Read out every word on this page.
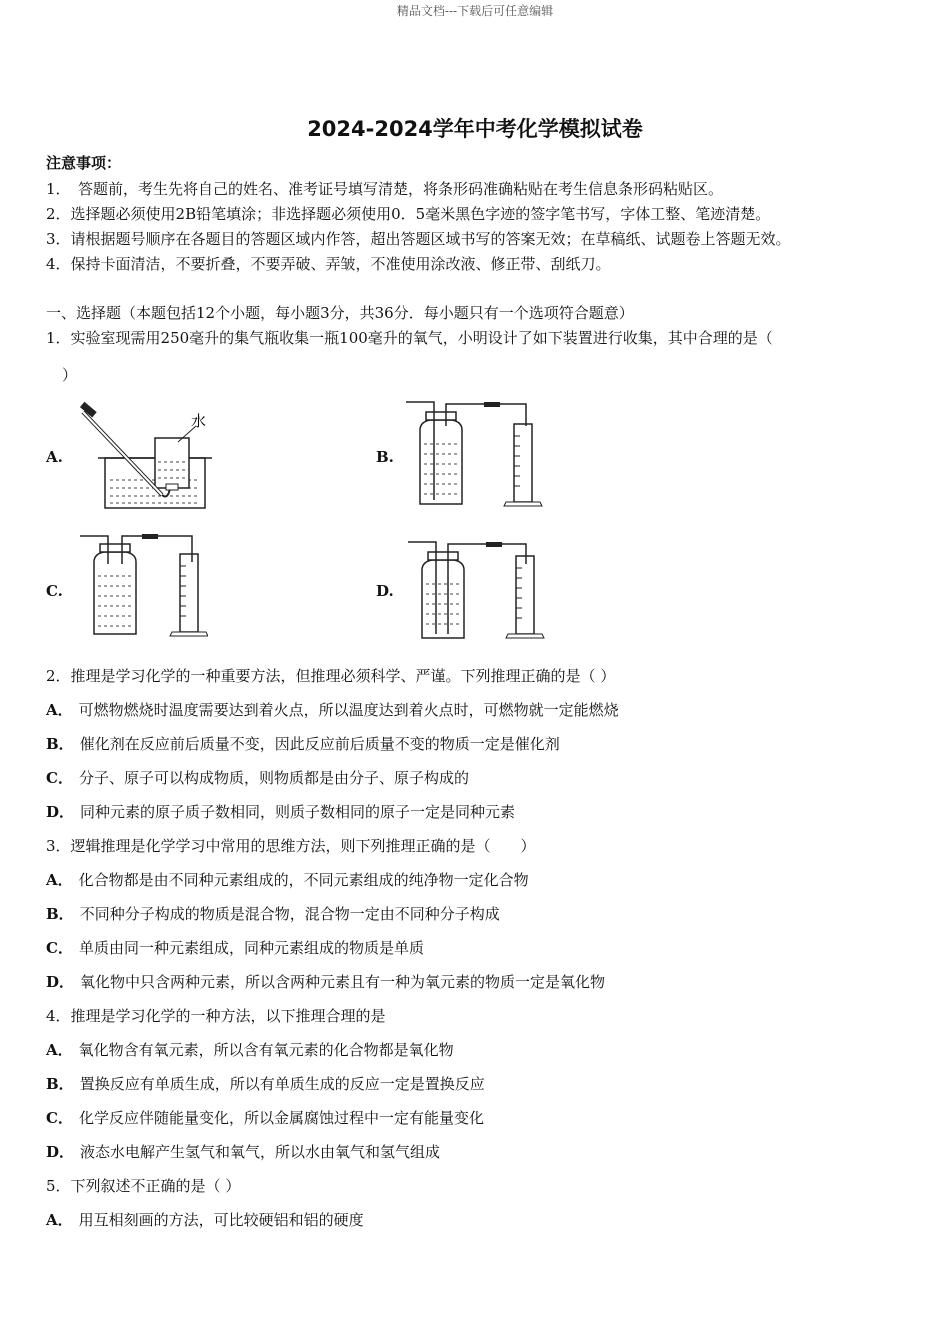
精品文档---下载后可任意编辑
2024-2024学年中考化学模拟试卷
注意事项：
1．　答题前，考生先将自己的姓名、准考证号填写清楚，将条形码准确粘贴在考生信息条形码粘贴区。
2．选择题必须使用2B铅笔填涂；非选择题必须使用0．5毫米黑色字迹的签字笔书写，字体工整、笔迹清楚。
3．请根据题号顺序在各题目的答题区域内作答，超出答题区域书写的答案无效；在草稿纸、试题卷上答题无效。
4．保持卡面清洁，不要折叠，不要弄破、弄皱，不准使用涂改液、修正带、刮纸刀。
一、选择题（本题包括12个小题，每小题3分，共36分．每小题只有一个选项符合题意）
1．实验室现需用250毫升的集气瓶收集一瓶100毫升的氧气，小明设计了如下装置进行收集，其中合理的是（
）
A.
水
B.
C.	D.
2．推理是学习化学的一种重要方法，但推理必须科学、严谨。下列推理正确的是（ ）
A． 可燃物燃烧时温度需要达到着火点，所以温度达到着火点时，可燃物就一定能燃烧
B． 催化剂在反应前后质量不变，因此反应前后质量不变的物质一定是催化剂
C． 分子、原子可以构成物质，则物质都是由分子、原子构成的
D． 同种元素的原子质子数相同，则质子数相同的原子一定是同种元素
3．逻辑推理是化学学习中常用的思维方法，则下列推理正确的是（　　）
A． 化合物都是由不同种元素组成的，不同元素组成的纯净物一定化合物
B． 不同种分子构成的物质是混合物，混合物一定由不同种分子构成
C． 单质由同一种元素组成，同种元素组成的物质是单质
D． 氧化物中只含两种元素，所以含两种元素且有一种为氧元素的物质一定是氧化物
4．推理是学习化学的一种方法，以下推理合理的是
A． 氧化物含有氧元素，所以含有氧元素的化合物都是氧化物
B． 置换反应有单质生成，所以有单质生成的反应一定是置换反应
C． 化学反应伴随能量变化，所以金属腐蚀过程中一定有能量变化
D． 液态水电解产生氢气和氧气，所以水由氧气和氢气组成
5．下列叙述不正确的是（ ）
A． 用互相刻画的方法，可比较硬铝和铝的硬度
